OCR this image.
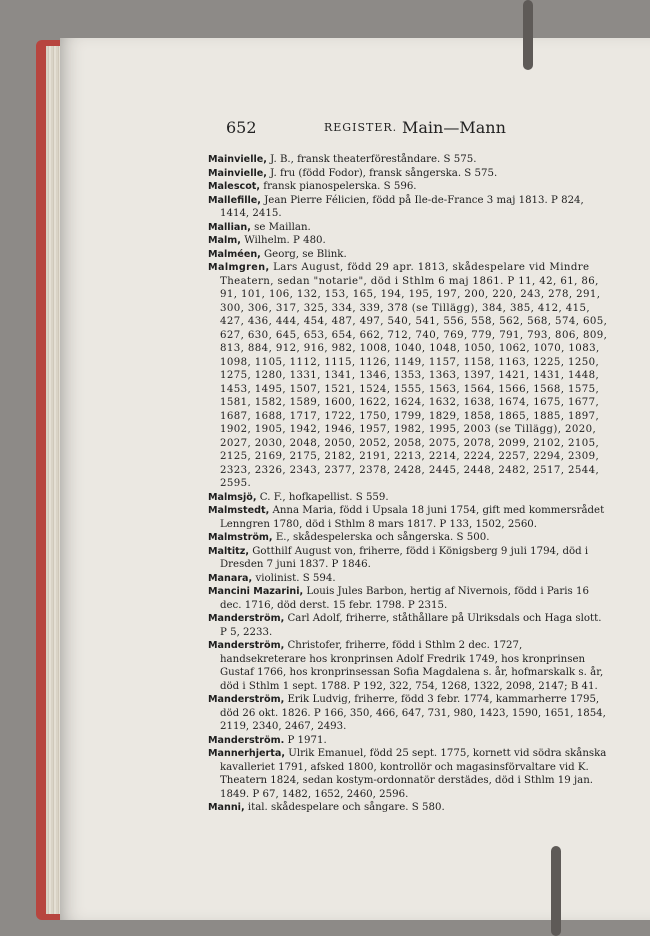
652	REGISTER. Main—Mann

Mainvielle, J. B., fransk theaterföreståndare. S 575.

Mainvielle, J. fru (född Fodor), fransk sångerska. S 575.

Malescot, fransk pianospelerska. S 596.

Mallefille, Jean Pierre Félicien, född på Ile-de-France 3 maj 1813. P 824, 1414, 2415.

Mallian, se Maillan.

Malm, Wilhelm. P 480.

Malméen, Georg, se Blink.

Malmgren, Lars August, född 29 apr. 1813, skådespelare vid Mindre Theatern, sedan "notarie", död i Sthlm 6 maj 1861. P 11, 42, 61, 86, 91, 101, 106, 132, 153, 165, 194, 195, 197, 200, 220, 243, 278, 291, 300, 306, 317, 325, 334, 339, 378 (se Tillägg), 384, 385, 412, 415, 427, 436, 444, 454, 487, 497, 540, 541, 556, 558, 562, 568, 574, 605, 627, 630, 645, 653, 654, 662, 712, 740, 769, 779, 791, 793, 806, 809, 813, 884, 912, 916, 982, 1008, 1040, 1048, 1050, 1062, 1070, 1083, 1098, 1105, 1112, 1115, 1126, 1149, 1157, 1158, 1163, 1225, 1250, 1275, 1280, 1331, 1341, 1346, 1353, 1363, 1397, 1421, 1431, 1448, 1453, 1495, 1507, 1521, 1524, 1555, 1563, 1564, 1566, 1568, 1575, 1581, 1582, 1589, 1600, 1622, 1624, 1632, 1638, 1674, 1675, 1677, 1687, 1688, 1717, 1722, 1750, 1799, 1829, 1858, 1865, 1885, 1897, 1902, 1905, 1942, 1946, 1957, 1982, 1995, 2003 (se Tillägg), 2020, 2027, 2030, 2048, 2050, 2052, 2058, 2075, 2078, 2099, 2102, 2105, 2125, 2169, 2175, 2182, 2191, 2213, 2214, 2224, 2257, 2294, 2309, 2323, 2326, 2343, 2377, 2378, 2428, 2445, 2448, 2482, 2517, 2544, 2595.

Malmsjö, C. F., hofkapellist. S 559.

Malmstedt, Anna Maria, född i Upsala 18 juni 1754, gift med kommersrådet Lenngren 1780, död i Sthlm 8 mars 1817. P 133, 1502, 2560.

Malmström, E., skådespelerska och sångerska. S 500.

Maltitz, Gotthilf August von, friherre, född i Königsberg 9 juli 1794, död i Dresden 7 juni 1837. P 1846.

Manara, violinist. S 594.

Mancini Mazarini, Louis Jules Barbon, hertig af Nivernois, född i Paris 16 dec. 1716, död derst. 15 febr. 1798. P 2315.

Manderström, Carl Adolf, friherre, ståthållare på Ulriksdals och Haga slott. P 5, 2233.

Manderström, Christofer, friherre, född i Sthlm 2 dec. 1727, handsekreterare hos kronprinsen Adolf Fredrik 1749, hos kronprinsen Gustaf 1766, hos kronprinsessan Sofia Magdalena s. år, hofmarskalk s. år, död i Sthlm 1 sept. 1788. P 192, 322, 754, 1268, 1322, 2098, 2147; B 41.

Manderström, Erik Ludvig, friherre, född 3 febr. 1774, kammarherre 1795, död 26 okt. 1826. P 166, 350, 466, 647, 731, 980, 1423, 1590, 1651, 1854, 2119, 2340, 2467, 2493.

Manderström. P 1971.

Mannerhjerta, Ulrik Emanuel, född 25 sept. 1775, kornett vid södra skånska kavalleriet 1791, afsked 1800, kontrollör och magasinsförvaltare vid K. Theatern 1824, sedan kostym-ordonnatör derstädes, död i Sthlm 19 jan. 1849. P 67, 1482, 1652, 2460, 2596.

Manni, ital. skådespelare och sångare. S 580.
